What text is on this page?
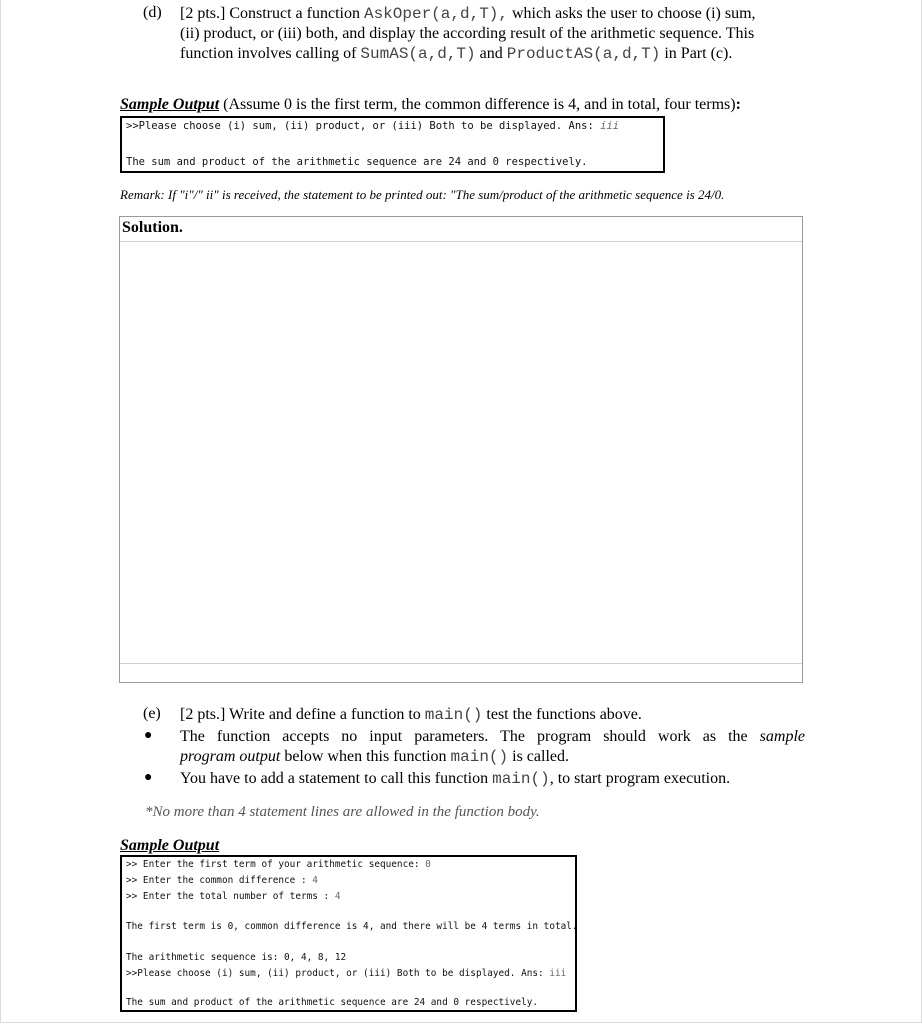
(d) [2 pts.] Construct a function AskOper(a,d,T), which asks the user to choose (i) sum,
(ii) product, or (iii) both, and display the according result of the arithmetic sequence. This
function involves calling of SumAS(a,d,T) and ProductAS(a,d,T) in Part (c).
Sample Output (Assume 0 is the first term, the common difference is 4, and in total, four terms):
>>Please choose (i) sum, (ii) product, or (iii) Both to be displayed. Ans: iii
The sum and product of the arithmetic sequence are 24 and 0 respectively.
Remark: If "i"/" ii" is received, the statement to be printed out: "The sum/product of the arithmetic sequence is 24/0.
Solution.
(e) [2 pts.] Write and define a function to main() test the functions above.
● The function accepts no input parameters. The program should work as the sample
program output below when this function main() is called.
● You have to add a statement to call this function main(), to start program execution.
*No more than 4 statement lines are allowed in the function body.
Sample Output
>> Enter the first term of your arithmetic sequence: 0
>> Enter the common difference : 4
>> Enter the total number of terms : 4
The first term is 0, common difference is 4, and there will be 4 terms in total.
The arithmetic sequence is: 0, 4, 8, 12
>>Please choose (i) sum, (ii) product, or (iii) Both to be displayed. Ans: iii
The sum and product of the arithmetic sequence are 24 and 0 respectively.
